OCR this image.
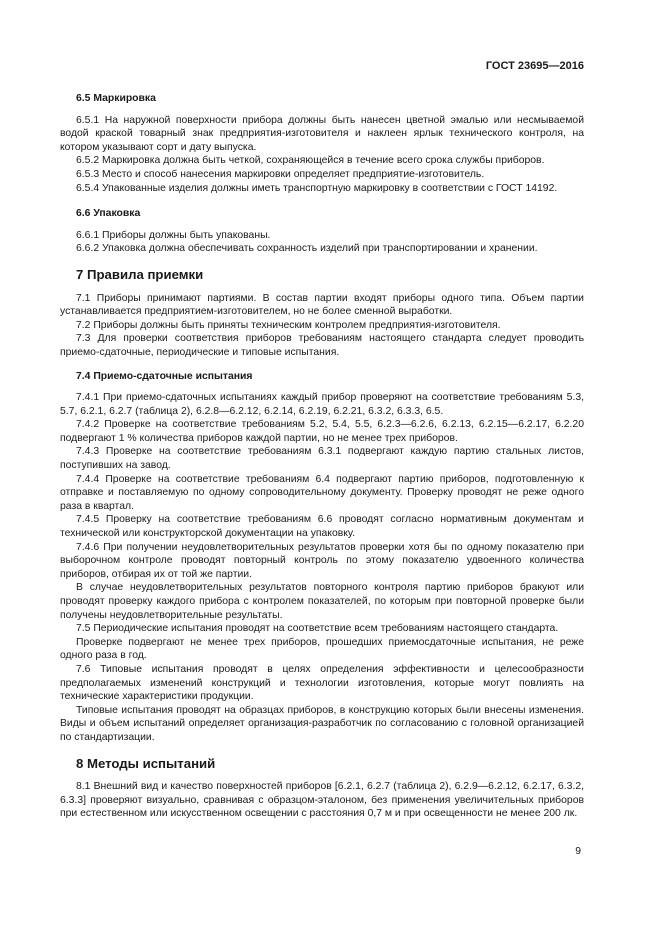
ГОСТ 23695—2016
6.5 Маркировка

6.5.1 На наружной поверхности прибора должны быть нанесен цветной эмалью или несмываемой водой краской товарный знак предприятия-изготовителя и наклеен ярлык технического контроля, на котором указывают сорт и дату выпуска.

6.5.2 Маркировка должна быть четкой, сохраняющейся в течение всего срока службы приборов.

6.5.3 Место и способ нанесения маркировки определяет предприятие-изготовитель.

6.5.4 Упакованные изделия должны иметь транспортную маркировку в соответствии с ГОСТ 14192.

6.6 Упаковка

6.6.1 Приборы должны быть упакованы.

6.6.2 Упаковка должна обеспечивать сохранность изделий при транспортировании и хранении.

7 Правила приемки

7.1 Приборы принимают партиями. В состав партии входят приборы одного типа. Объем партии устанавливается предприятием-изготовителем, но не более сменной выработки.

7.2 Приборы должны быть приняты техническим контролем предприятия-изготовителя.

7.3 Для проверки соответствия приборов требованиям настоящего стандарта следует проводить приемо-сдаточные, периодические и типовые испытания.

7.4 Приемо-сдаточные испытания

7.4.1 При приемо-сдаточных испытаниях каждый прибор проверяют на соответствие требованиям 5.3, 5.7, 6.2.1, 6.2.7 (таблица 2), 6.2.8—6.2.12, 6.2.14, 6.2.19, 6.2.21, 6.3.2, 6.3.3, 6.5.

7.4.2 Проверке на соответствие требованиям 5.2, 5.4, 5.5, 6.2.3—6.2.6, 6.2.13, 6.2.15—6.2.17, 6.2.20 подвергают 1 % количества приборов каждой партии, но не менее трех приборов.

7.4.3 Проверке на соответствие требованиям 6.3.1 подвергают каждую партию стальных листов, поступивших на завод.

7.4.4 Проверке на соответствие требованиям 6.4 подвергают партию приборов, подготовленную к отправке и поставляемую по одному сопроводительному документу. Проверку проводят не реже одного раза в квартал.

7.4.5 Проверку на соответствие требованиям 6.6 проводят согласно нормативным документам и технической или конструкторской документации на упаковку.

7.4.6 При получении неудовлетворительных результатов проверки хотя бы по одному показателю при выборочном контроле проводят повторный контроль по этому показателю удвоенного количества приборов, отбирая их от той же партии.

В случае неудовлетворительных результатов повторного контроля партию приборов бракуют или проводят проверку каждого прибора с контролем показателей, по которым при повторной проверке были получены неудовлетворительные результаты.

7.5 Периодические испытания проводят на соответствие всем требованиям настоящего стандарта.

Проверке подвергают не менее трех приборов, прошедших приемосдаточные испытания, не реже одного раза в год.

7.6 Типовые испытания проводят в целях определения эффективности и целесообразности предполагаемых изменений конструкций и технологии изготовления, которые могут повлиять на технические характеристики продукции.

Типовые испытания проводят на образцах приборов, в конструкцию которых были внесены изменения. Виды и объем испытаний определяет организация-разработчик по согласованию с головной организацией по стандартизации.

8 Методы испытаний

8.1 Внешний вид и качество поверхностей приборов [6.2.1, 6.2.7 (таблица 2), 6.2.9—6.2.12, 6.2.17, 6.3.2, 6.3.3] проверяют визуально, сравнивая с образцом-эталоном, без применения увеличительных приборов при естественном или искусственном освещении с расстояния 0,7 м и при освещенности не менее 200 лк.

9
